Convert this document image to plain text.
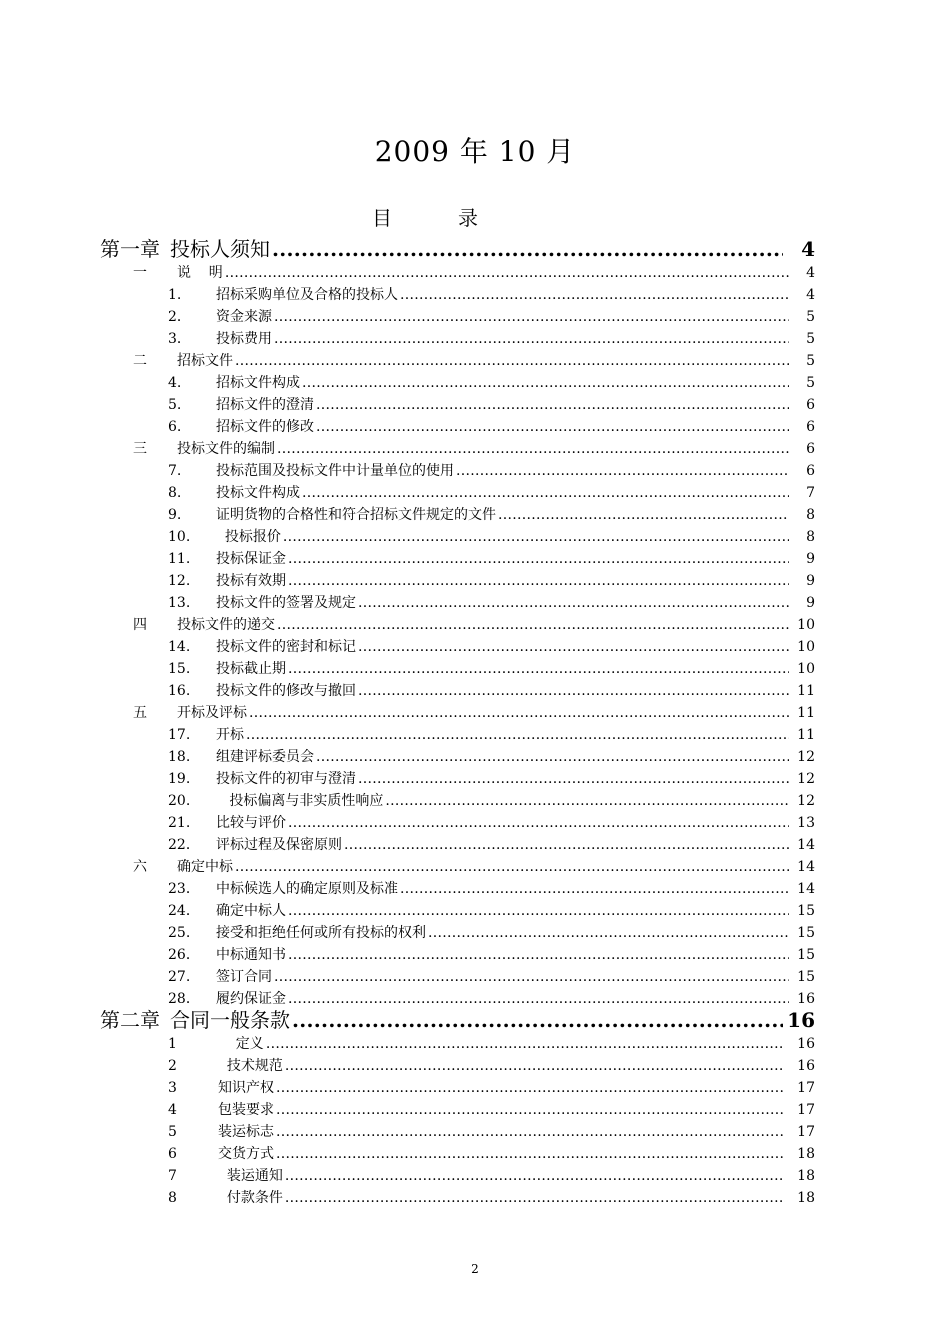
2009 年 10 月
目	录
第一章 投标人须知 .....	4
一	说    明 .....	4
1.	招标采购单位及合格的投标人 .....	4
2．	资金来源 .....	5
3．	投标费用 .....	5
二	招标文件 .....	5
4.	招标文件构成 .....	5
5.	招标文件的澄清 .....	6
6.	招标文件的修改 .....	6
三	投标文件的编制 .....	6
7.	投标范围及投标文件中计量单位的使用 .....	6
8.	投标文件构成 .....	7
9.	证明货物的合格性和符合招标文件规定的文件 .....	8
10.	投标报价 .....	8
11.	投标保证金 .....	9
12.	投标有效期 .....	9
13.	投标文件的签署及规定 .....	9
四	投标文件的递交 .....	10
14.	投标文件的密封和标记 .....	10
15.	投标截止期 .....	10
16.	投标文件的修改与撤回 .....	11
五	开标及评标 .....	11
17.	开标 .....	11
18.	组建评标委员会 .....	12
19.	投标文件的初审与澄清 .....	12
20.	投标偏离与非实质性响应 .....	12
21.	比较与评价 .....	13
22．	评标过程及保密原则 .....	14
六	确定中标 .....	14
23．	中标候选人的确定原则及标准 .....	14
24．	确定中标人 .....	15
25.	接受和拒绝任何或所有投标的权利 .....	15
26．	中标通知书 .....	15
27.	签订合同 .....	15
28．	履约保证金 .....	16
第二章 合同一般条款 .....	16
1	定义 .....	16
2	技术规范 .....	16
3	知识产权 .....	17
4	包装要求 .....	17
5	装运标志 .....	17
6	交货方式 .....	18
7	装运通知 .....	18
8	付款条件 .....	18
2
